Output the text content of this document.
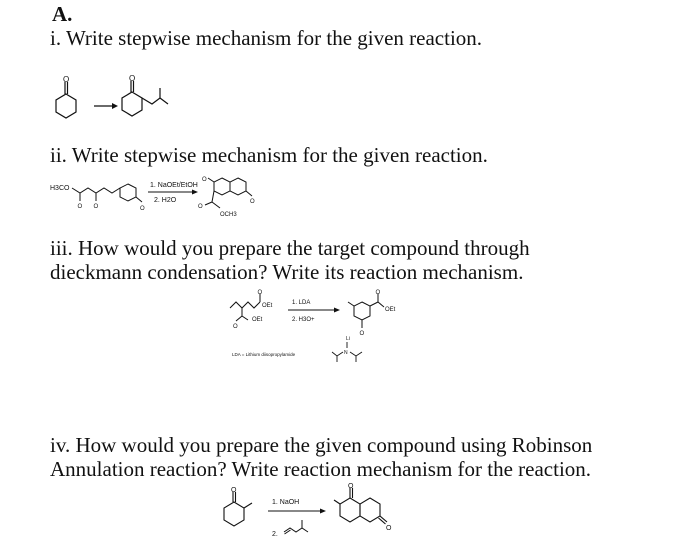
A.
i. Write stepwise mechanism for the given reaction.
O	O
ii. Write stepwise mechanism for the given reaction.
H3CO
O O	O
1. NaOEt/EtOH
2. H2O
O
O
O
OCH3
iii. How would you prepare the target compound through
dieckmann condensation? Write its reaction mechanism.
O
OEt
OEt
O
1. LDA
2. H3O+
O
OEt
O
LDA = Lithium diisopropylamide
Li
N
iv. How would you prepare the given compound using Robinson
Annulation reaction? Write reaction mechanism for the reaction.
O
1. NaOH
2.
O
O
